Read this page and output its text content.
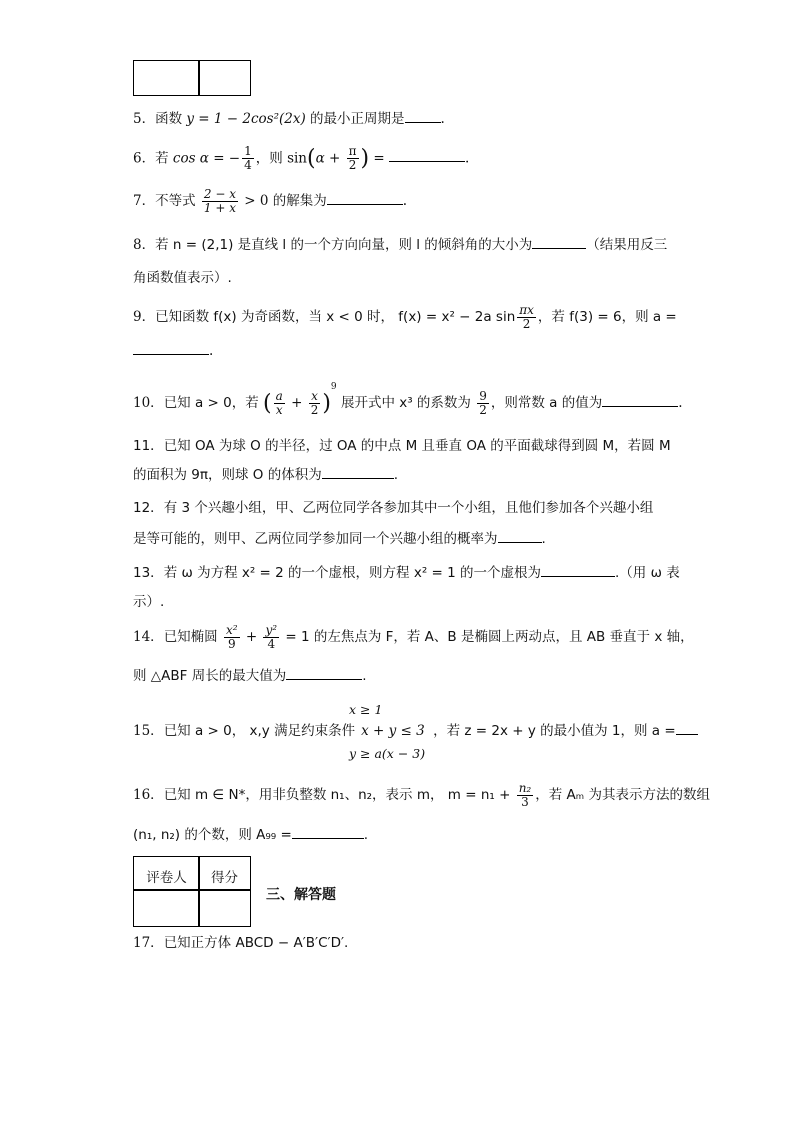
5．函数 y = 1 − 2cos²(2x) 的最小正周期是	.
6．若 cos α = − $\frac{1}{4}$ ，则 $\sin(\alpha + \frac{\pi}{2}$ ) =	.
7．不等式 $\frac{2 - x}{1 + x} > 0$ 的解集为	.
8．若 n = (2,1) 是直线 l 的一个方向向量，则 l 的倾斜角的大小为	（结果用反三
角函数值表示）.
9．已知函数 f(x) 为奇函数，当 x < 0 时， f(x) = x² − 2a $\sin \frac{\pi x}{2}$ ，若 f(3) = 6，则 a =
.
10．已知 a > 0，若 ( $\frac{a}{x} + \frac{x}{2} )^9$ 展开式中 x³ 的系数为 $\frac{9}{2}$ ，则常数 a 的值为	.
11．已知 OA 为球 O 的半径，过 OA 的中点 M 且垂直 OA 的平面截球得到圆 M，若圆 M
的面积为 9π，则球 O 的体积为	.
12．有 3 个兴趣小组，甲、乙两位同学各参加其中一个小组，且他们参加各个兴趣小组
是等可能的，则甲、乙两位同学参加同一个兴趣小组的概率为	.
13．若 ω 为方程 x² = 2 的一个虚根，则方程 x² = 1 的一个虚根为	.（用 ω 表
示）.
14．已知椭圆 $\frac{\text{x²}}{9} + \frac{\text{y²}}{4} = 1$ 的左焦点为 F，若 A、B 是椭圆上两动点，且 AB 垂直于 x 轴，
则 △ABF 周长的最大值为	.
x ≥ 1
15．已知 a > 0， x,y 满足约束条件 x + y ≤ 3 ，若 z = 2x + y 的最小值为 1，则 a =
y ≥ a(x − 3)
16．已知 m ∈ N*，用非负整数 n₁、n₂，表示 m， $m = n_1 + \frac{\text{n₂}}{3}$ ，若 Aₘ 为其表示方法的数组
(n₁, n₂) 的个数，则 A₉₉ =	.
评卷人	得分
三、解答题
17．已知正方体 ABCD − A′B′C′D′.
